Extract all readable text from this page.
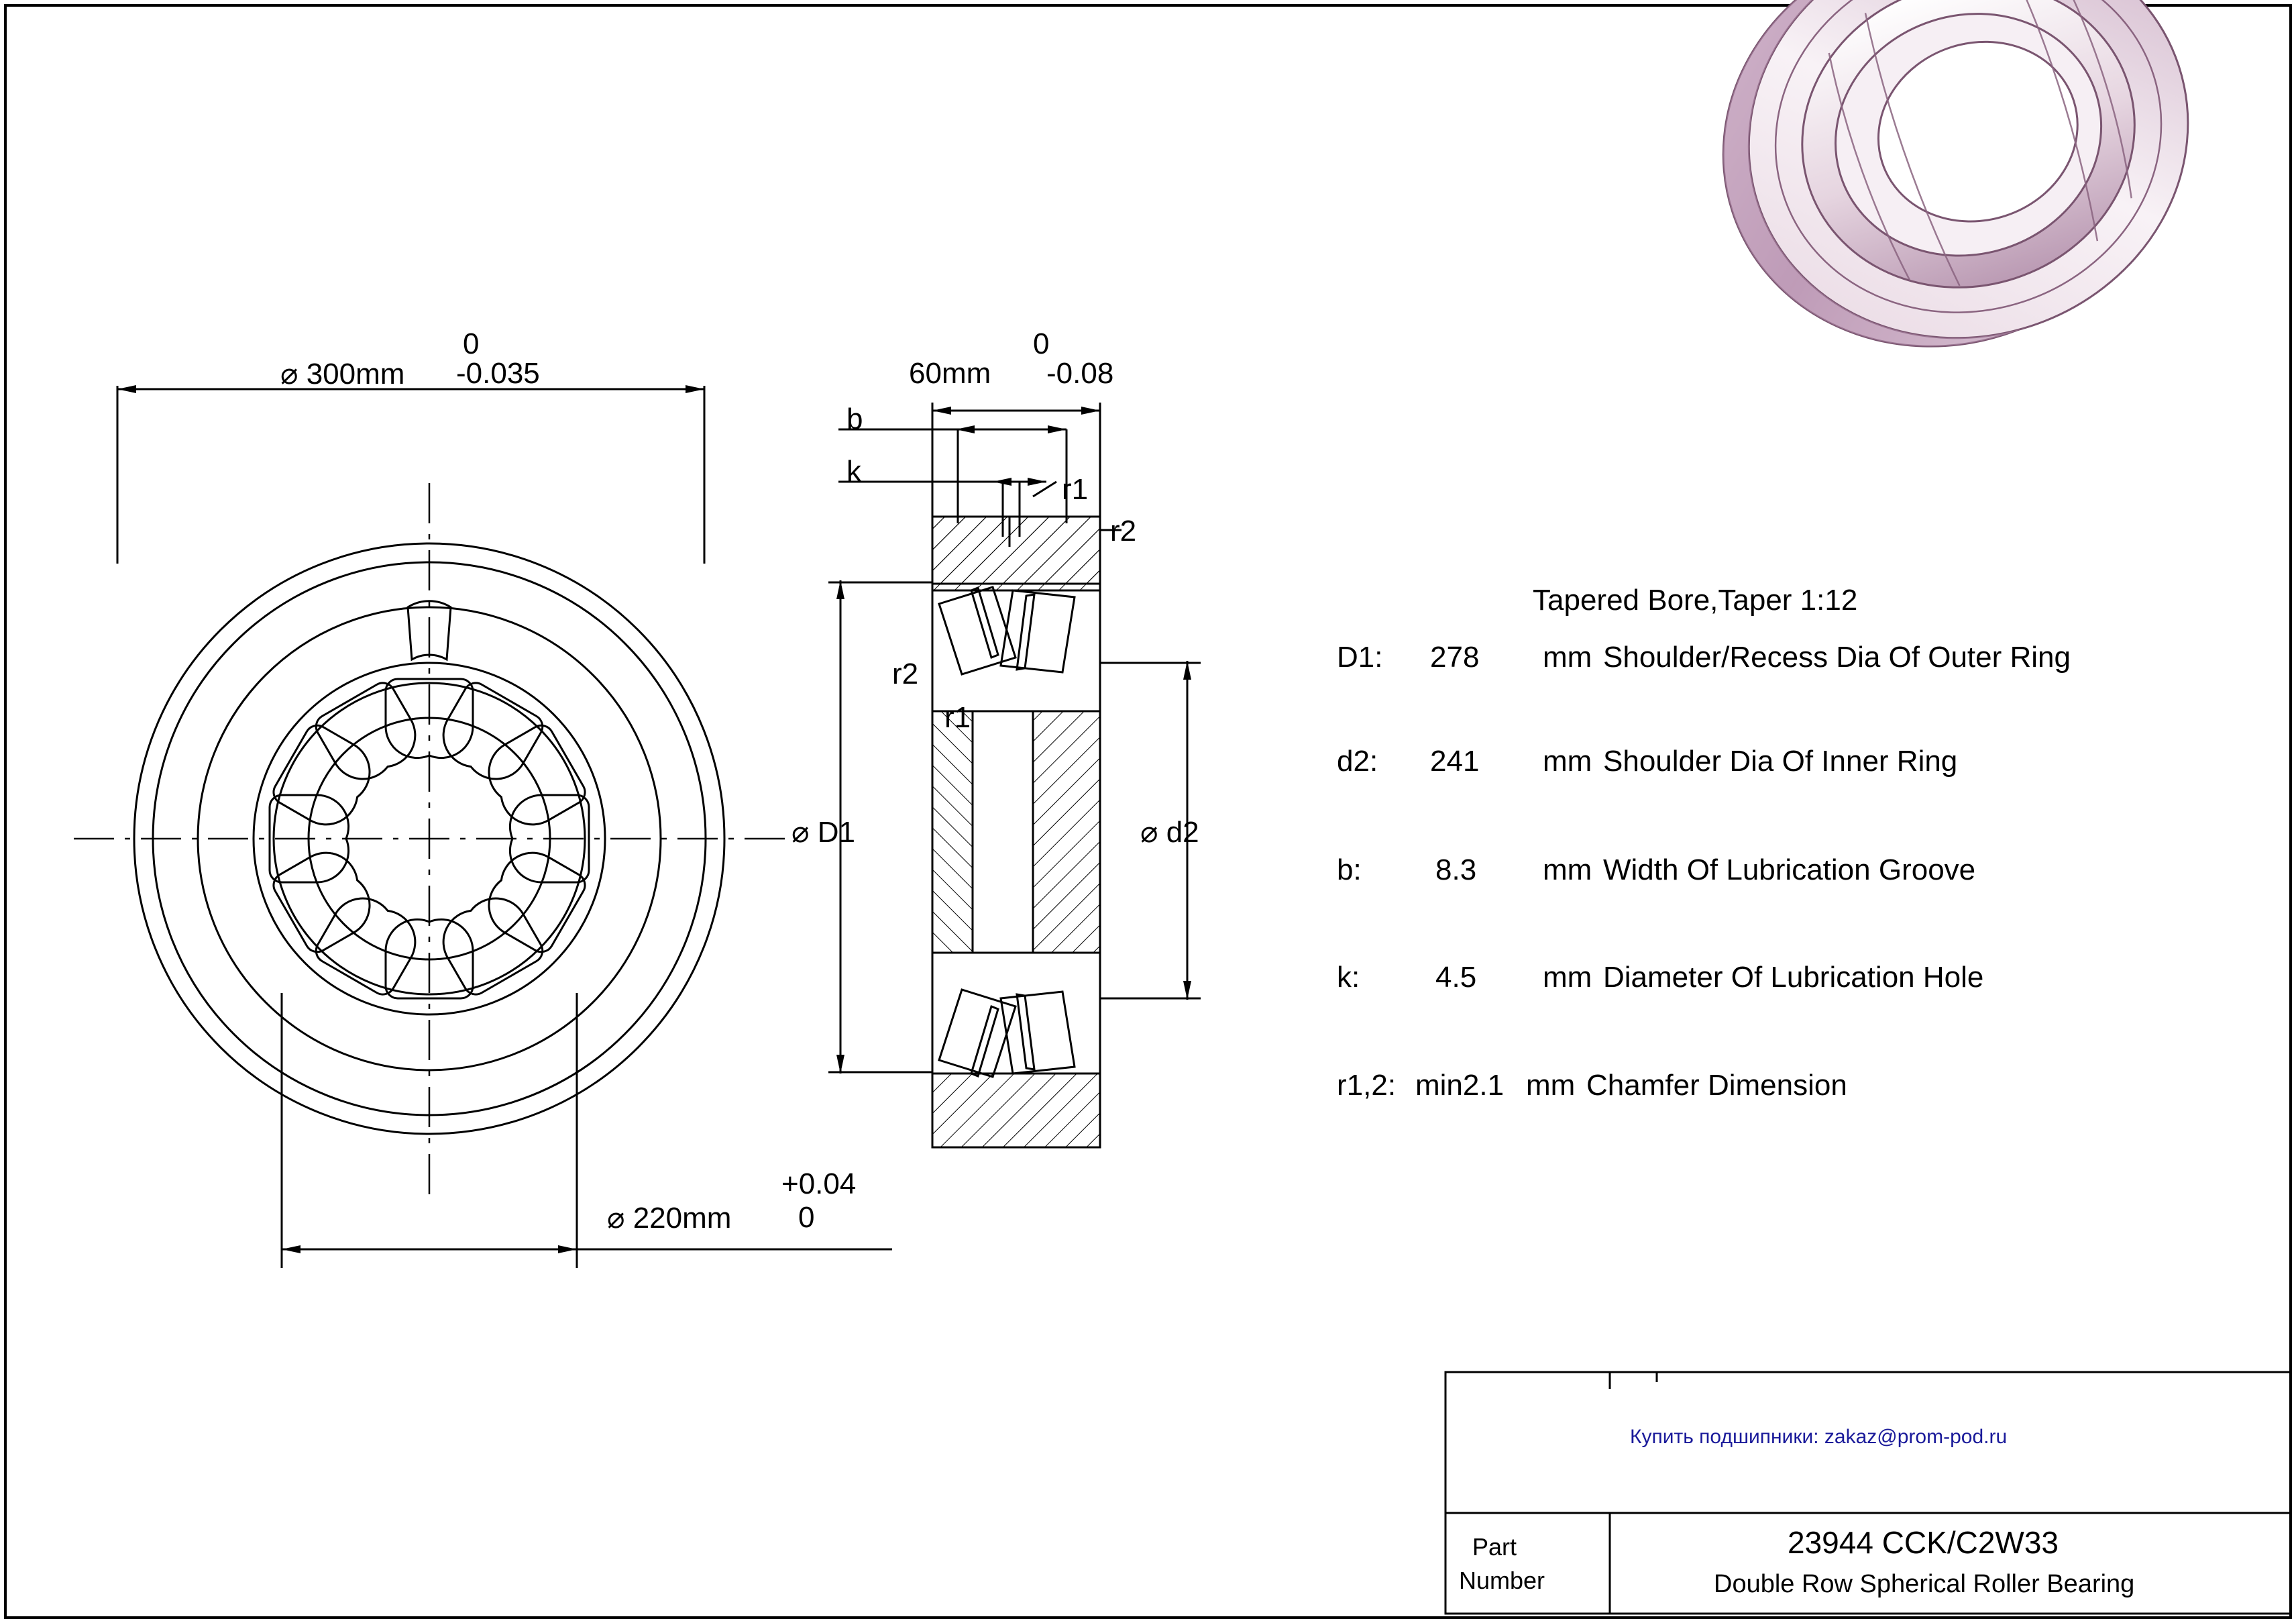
0
⌀ 300mm -0.035
+0.04
⌀ 220mm 0
0
60mm -0.08
b
k
r1
r2
r2
r1
⌀ D1	⌀ d2
Tapered Bore,Taper 1:12
D1: 278 mm Shoulder/Recess Dia Of Outer Ring
d2: 241 mm Shoulder Dia Of Inner Ring
b:	8.3 mm Width Of Lubrication Groove
k:	4.5 mm Diameter Of Lubrication Hole
r1,2: min2.1 mm Chamfer Dimension
Купить подшипники: zakaz@prom-pod.ru
Part
Number
23944 CCK/C2W33
Double Row Spherical Roller Bearing
